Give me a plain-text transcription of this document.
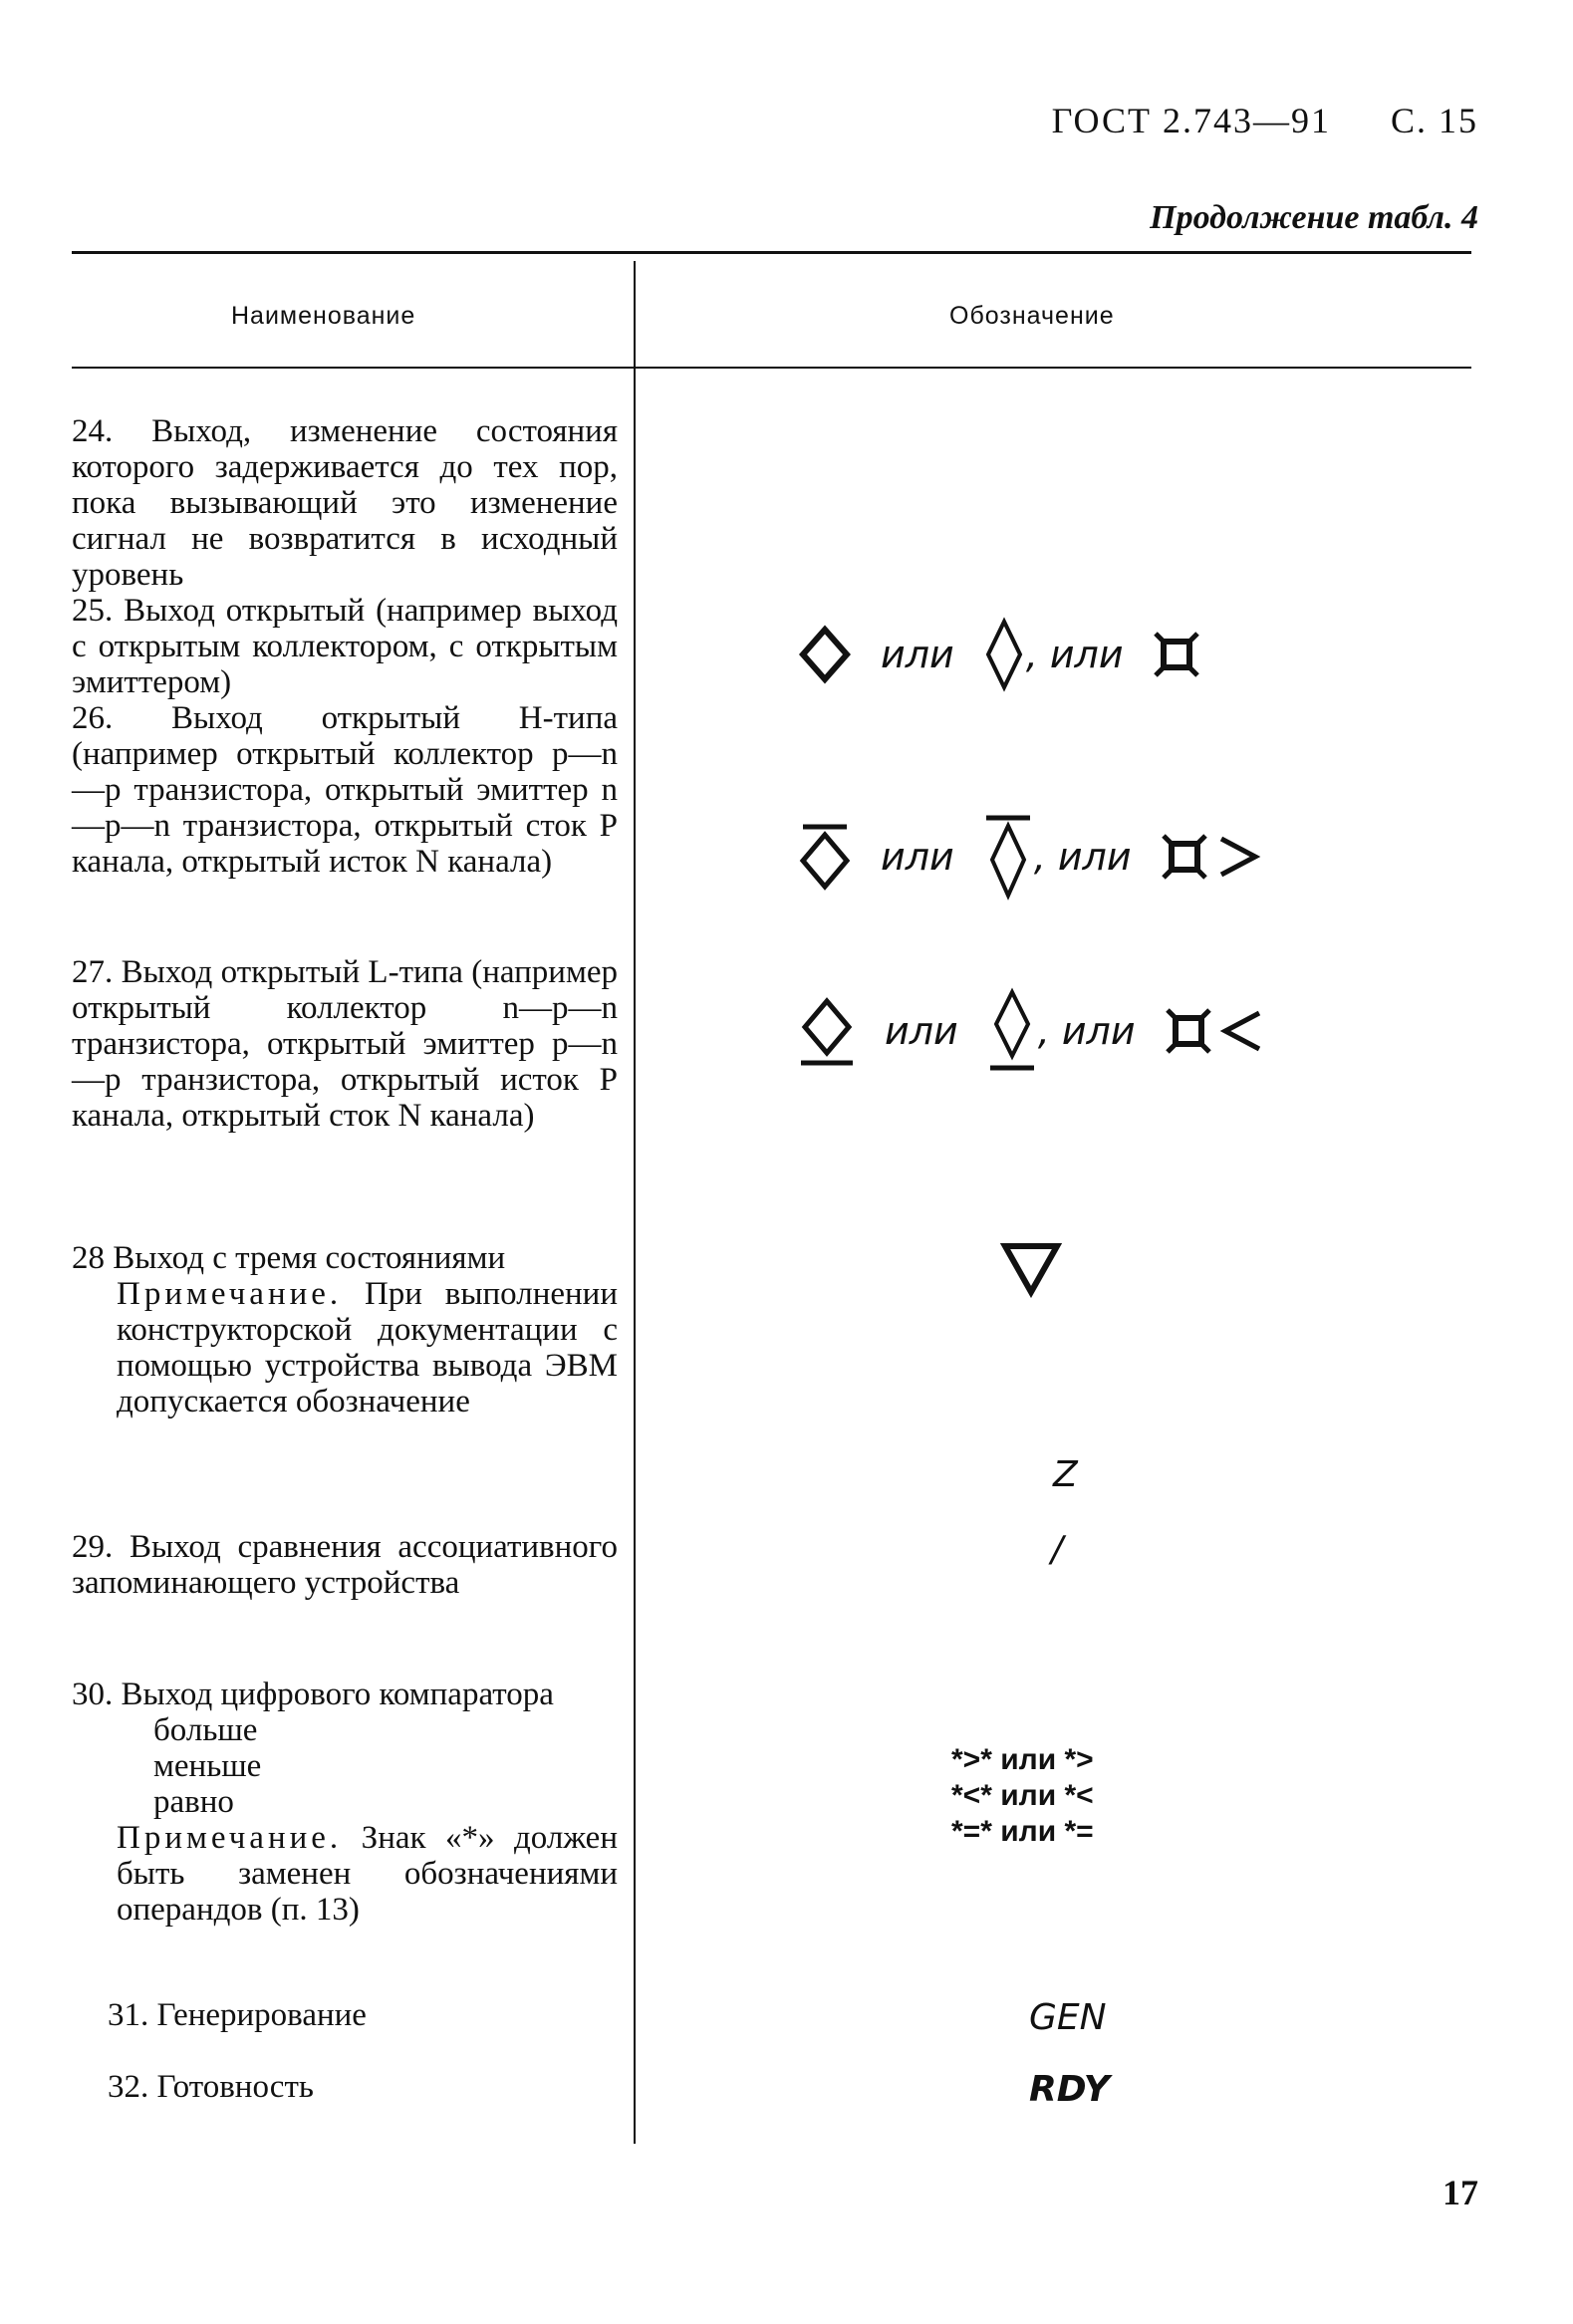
ГОСТ 2.743—91 С. 15
Продолжение табл. 4
Наименование	Обозначение

24. Выход, изменение состояния которого задерживается до тех пор, пока вызывающий это изменение сигнал не возвратится в исходный уровень

25. Выход открытый (например выход с открытым коллектором, с открытым эмиттером)

26. Выход открытый Н-типа (например открытый коллектор p—n—p транзистора, открытый эмиттер n—p—n транзистора, открытый сток P канала, открытый исток N канала)

27. Выход открытый L-типа (например открытый коллектор n—p—n транзистора, открытый эмиттер p—n—p транзистора, открытый исток P канала, открытый сток N канала)

28 Выход с тремя состояниями

Примечание. При выполнении конструкторской документации с помощью устройства вывода ЭВМ допускается обозначение

29. Выход сравнения ассоциативного запоминающего устройства

30. Выход цифрового компаратора

больше

меньше

равно

Примечание. Знак «*» должен быть заменен обозначениями операндов (п. 13)

31. Генерирование

32. Готовность

или , или
или , или
или , или
Z
/
*>* или *>
*<* или *<
*=* или *=
GEN
RDY
17
